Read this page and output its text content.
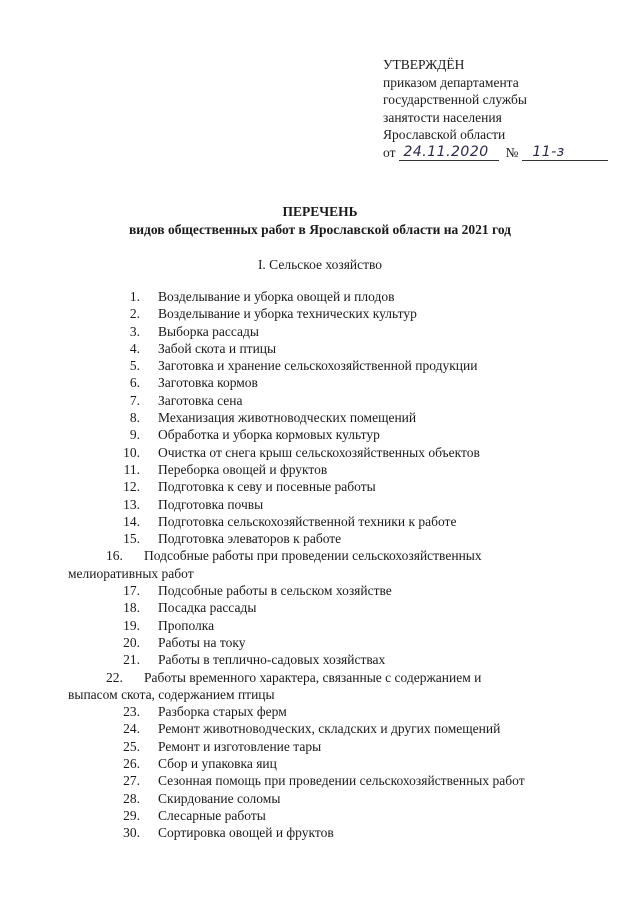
УТВЕРЖДЁН
приказом департамента
государственной службы
занятости населения
Ярославской области
от 24.11.2020	№	11-з
ПЕРЕЧЕНЬ
видов общественных работ в Ярославской области на 2021 год
I. Сельское хозяйство
1.	Возделывание и уборка овощей и плодов
2.	Возделывание и уборка технических культур
3.	Выборка рассады
4.	Забой скота и птицы
5.	Заготовка и хранение сельскохозяйственной продукции
6.	Заготовка кормов
7.	Заготовка сена
8.	Механизация животноводческих помещений
9.	Обработка и уборка кормовых культур
10.	Очистка от снега крыш сельскохозяйственных объектов
11.	Переборка овощей и фруктов
12.	Подготовка к севу и посевные работы
13.	Подготовка почвы
14.	Подготовка сельскохозяйственной техники к работе
15.	Подготовка элеваторов к работе
16. Подсобные работы при проведении сельскохозяйственных
мелиоративных работ
17.	Подсобные работы в сельском хозяйстве
18.	Посадка рассады
19.	Прополка
20.	Работы на току
21.	Работы в теплично-садовых хозяйствах
22. Работы временного характера, связанные с содержанием и
выпасом скота, содержанием птицы
23.	Разборка старых ферм
24.	Ремонт животноводческих, складских и других помещений
25.	Ремонт и изготовление тары
26.	Сбор и упаковка яиц
27.	Сезонная помощь при проведении сельскохозяйственных работ
28.	Скирдование соломы
29.	Слесарные работы
30.	Сортировка овощей и фруктов
